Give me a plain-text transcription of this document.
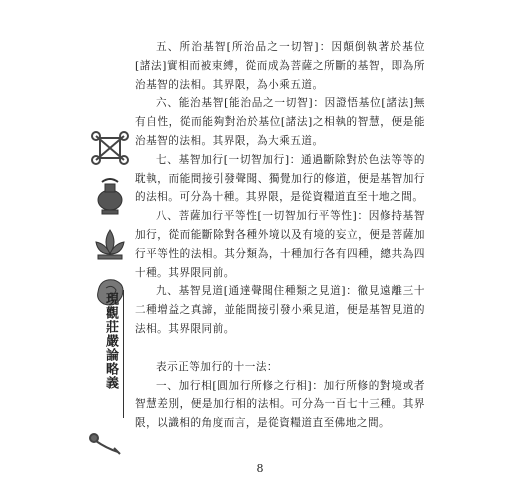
現觀莊嚴論略義

五、所治基智[所治品之一切智]：因顛倒執著於基位[諸法]實相而被束縛，從而成為菩薩之所斷的基智，即為所治基智的法相。其界限，為小乘五道。

六、能治基智[能治品之一切智]：因證悟基位[諸法]無有自性，從而能夠對治於基位[諸法]之相執的智慧，便是能治基智的法相。其界限，為大乘五道。

七、基智加行[一切智加行]：通過斷除對於色法等等的耽執，而能間接引發聲聞、獨覺加行的修道，便是基智加行的法相。可分為十種。其界限，是從資糧道直至十地之間。

八、菩薩加行平等性[一切智加行平等性]：因修持基智加行，從而能斷除對各種外境以及有境的妄立，便是菩薩加行平等性的法相。其分類為，十種加行各有四種，總共為四十種。其界限同前。

九、基智見道[通達聲聞住種類之見道]：徹見遠離三十二種增益之真諦，並能間接引發小乘見道，便是基智見道的法相。其界限同前。

表示正等加行的十一法：

一、加行相[圓加行所修之行相]：加行所修的對境或者智慧差別，便是加行相的法相。可分為一百七十三種。其界限，以識相的角度而言，是從資糧道直至佛地之間。

8
